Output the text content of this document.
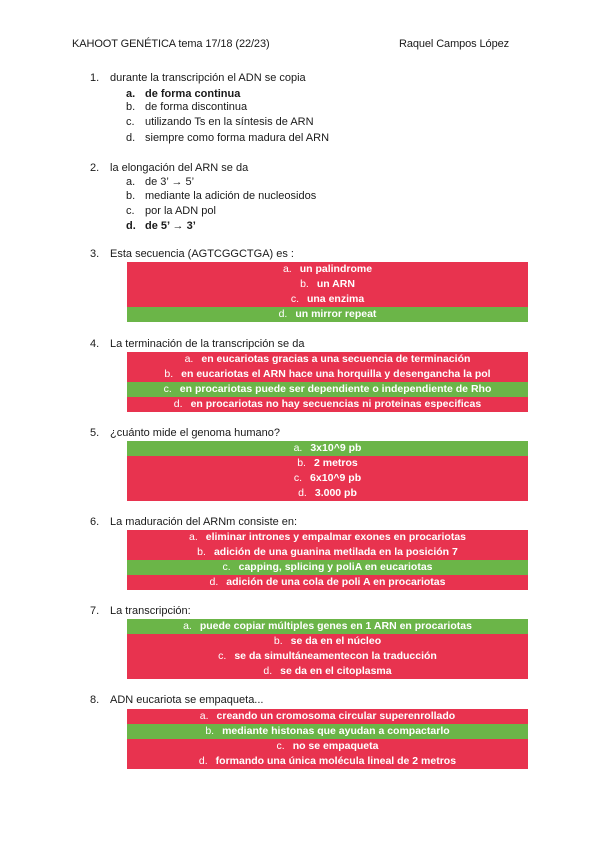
KAHOOT GENÉTICA tema 17/18 (22/23)	Raquel Campos López
1. durante la transcripción el ADN se copia
a. de forma continua
b. de forma discontinua
c. utilizando Ts en la síntesis de ARN
d. siempre como forma madura del ARN
2. la elongación del ARN se da
a. de 3’ → 5’
b. mediante la adición de nucleosidos
c. por la ADN pol
d. de 5’ → 3’
3. Esta secuencia (AGTCGGCTGA) es :
a. un palindrome
b. un ARN
c. una enzima
d. un mirror repeat
4. La terminación de la transcripción se da
a. en eucariotas gracias a una secuencia de terminación
b. en eucariotas el ARN hace una horquilla y desengancha la pol
c. en procariotas puede ser dependiente o independiente de Rho
d. en procariotas no hay secuencias ni proteinas especificas
5. ¿cuánto mide el genoma humano?
a. 3x10^9 pb
b. 2 metros
c. 6x10^9 pb
d. 3.000 pb
6. La maduración del ARNm consiste en:
a. eliminar intrones y empalmar exones en procariotas
b. adición de una guanina metilada en la posición 7
c. capping, splicing y poliA en eucariotas
d. adición de una cola de poli A en procariotas
7. La transcripción:
a. puede copiar múltiples genes en 1 ARN en procariotas
b. se da en el núcleo
c. se da simultáneamentecon la traducción
d. se da en el citoplasma
8. ADN eucariota se empaqueta...
a. creando un cromosoma circular superenrollado
b. mediante histonas que ayudan a compactarlo
c. no se empaqueta
d. formando una única molécula lineal de 2 metros
